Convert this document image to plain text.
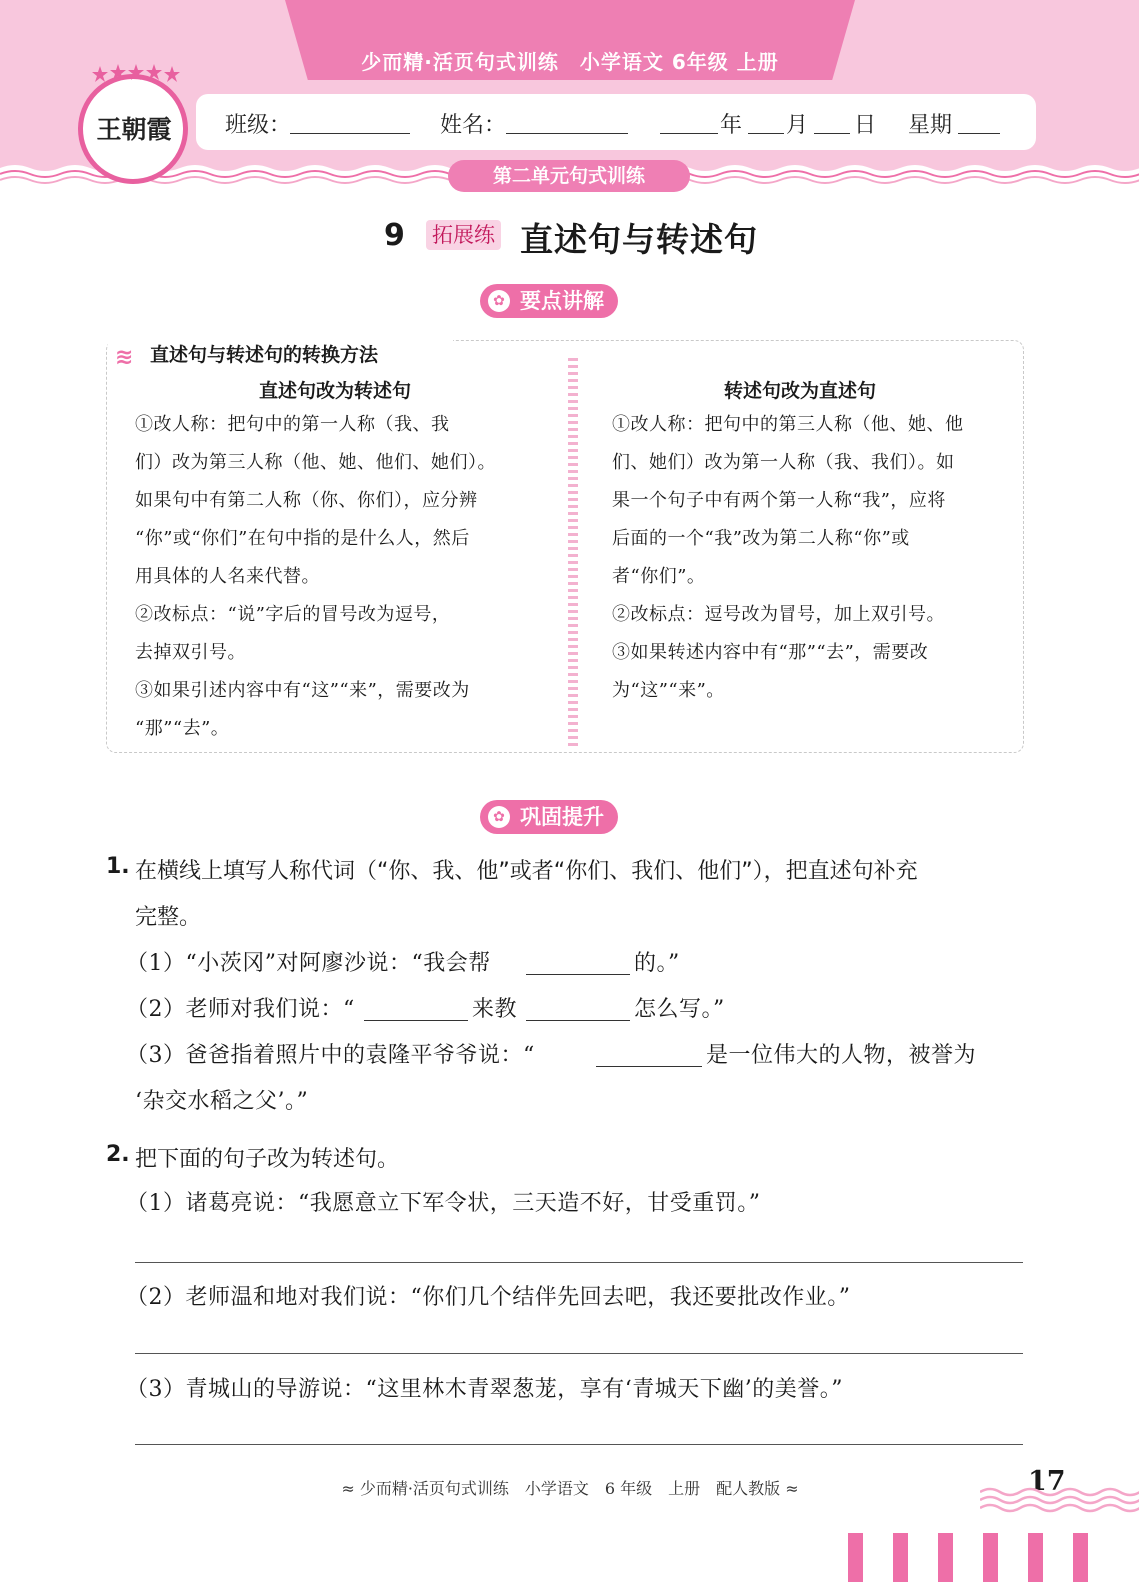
少而精·活页句式训练　小学语文 6年级 上册
班级：	姓名：	年 月 日 星期
第二单元句式训练
王朝霞
9 拓展练 直述句与转述句
✿ 要点讲解
≋ 直述句与转述句的转换方法
直述句改为转述句
①改人称：把句中的第一人称（我、我
们）改为第三人称（他、她、他们、她们）。
如果句中有第二人称（你、你们），应分辨
“你”或“你们”在句中指的是什么人，然后
用具体的人名来代替。
②改标点：“说”字后的冒号改为逗号，
去掉双引号。
③如果引述内容中有“这”“来”，需要改为
“那”“去”。
转述句改为直述句
①改人称：把句中的第三人称（他、她、他
们、她们）改为第一人称（我、我们）。如
果一个句子中有两个第一人称“我”，应将
后面的一个“我”改为第二人称“你”或
者“你们”。
②改标点：逗号改为冒号，加上双引号。
③如果转述内容中有“那”“去”，需要改
为“这”“来”。
✿ 巩固提升
1. 在横线上填写人称代词（“你、我、他”或者“你们、我们、他们”），把直述句补充
完整。
（1）“小茨冈”对阿廖沙说：“我会帮	的。”
（2）老师对我们说：“	来教	怎么写。”
（3）爸爸指着照片中的袁隆平爷爷说：“	是一位伟大的人物，被誉为
‘杂交水稻之父’。”
2. 把下面的句子改为转述句。
（1）诸葛亮说：“我愿意立下军令状，三天造不好，甘受重罚。”
（2）老师温和地对我们说：“你们几个结伴先回去吧，我还要批改作业。”
（3）青城山的导游说：“这里林木青翠葱茏，享有‘青城天下幽’的美誉。”
≈ 少而精·活页句式训练　小学语文　6 年级　上册　配人教版 ≈	17
